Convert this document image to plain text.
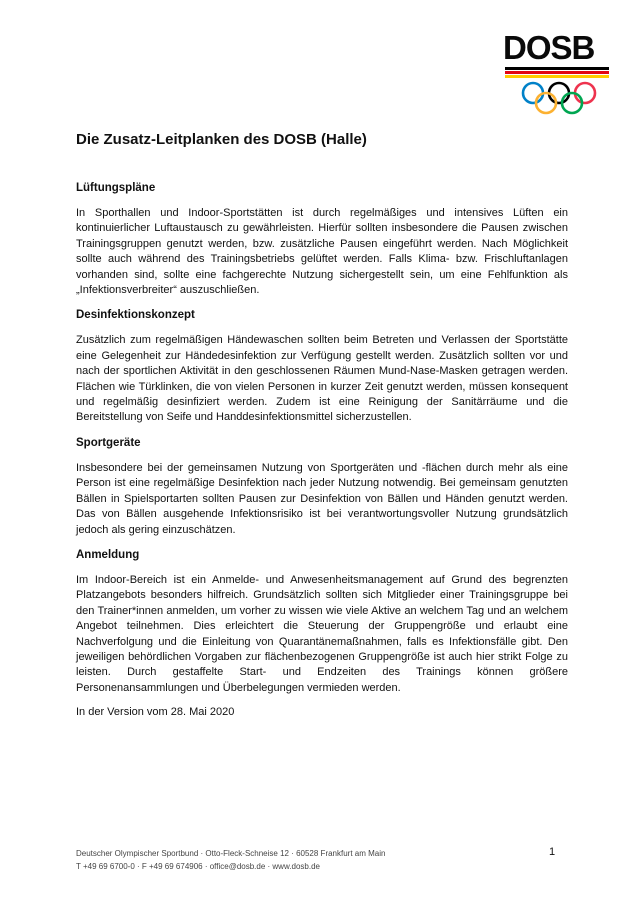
DOSB
Die Zusatz-Leitplanken des DOSB (Halle)
Lüftungspläne

In Sporthallen und Indoor-Sportstätten ist durch regelmäßiges und intensives Lüften ein kontinuierlicher Luftaustausch zu gewährleisten. Hierfür sollten insbesondere die Pausen zwischen Trainingsgruppen genutzt werden, bzw. zusätzliche Pausen eingeführt werden. Nach Möglichkeit sollte auch während des Trainingsbetriebs gelüftet werden. Falls Klima- bzw. Frischluftanlagen vorhanden sind, sollte eine fachgerechte Nutzung sichergestellt sein, um eine Fehlfunktion als „Infektionsverbreiter“ auszuschließen.

Desinfektionskonzept

Zusätzlich zum regelmäßigen Händewaschen sollten beim Betreten und Verlassen der Sportstätte eine Gelegenheit zur Händedesinfektion zur Verfügung gestellt werden. Zusätzlich sollten vor und nach der sportlichen Aktivität in den geschlossenen Räumen Mund-Nase-Masken getragen werden. Flächen wie Türklinken, die von vielen Personen in kurzer Zeit genutzt werden, müssen konsequent und regelmäßig desinfiziert werden. Zudem ist eine Reinigung der Sanitärräume und die Bereitstellung von Seife und Handdesinfektionsmittel sicherzustellen.

Sportgeräte

Insbesondere bei der gemeinsamen Nutzung von Sportgeräten und -flächen durch mehr als eine Person ist eine regelmäßige Desinfektion nach jeder Nutzung notwendig. Bei gemeinsam genutzten Bällen in Spielsportarten sollten Pausen zur Desinfektion von Bällen und Händen genutzt werden. Das von Bällen ausgehende Infektionsrisiko ist bei verantwortungsvoller Nutzung grundsätzlich jedoch als gering einzuschätzen.

Anmeldung

Im Indoor-Bereich ist ein Anmelde- und Anwesenheitsmanagement auf Grund des begrenzten Platzangebots besonders hilfreich. Grundsätzlich sollten sich Mitglieder einer Trainingsgruppe bei den Trainer*innen anmelden, um vorher zu wissen wie viele Aktive an welchem Tag und an welchem Angebot teilnehmen. Dies erleichtert die Steuerung der Gruppengröße und erlaubt eine Nachverfolgung und die Einleitung von Quarantänemaßnahmen, falls es Infektionsfälle gibt. Den jeweiligen behördlichen Vorgaben zur flächenbezogenen Gruppengröße ist auch hier strikt Folge zu leisten. Durch gestaffelte Start- und Endzeiten des Trainings können größere Personenansammlungen und Überbelegungen vermieden werden.

In der Version vom 28. Mai 2020
Deutscher Olympischer Sportbund · Otto-Fleck-Schneise 12 · 60528 Frankfurt am Main
T +49 69 6700-0 · F +49 69 674906 · office@dosb.de · www.dosb.de
1
